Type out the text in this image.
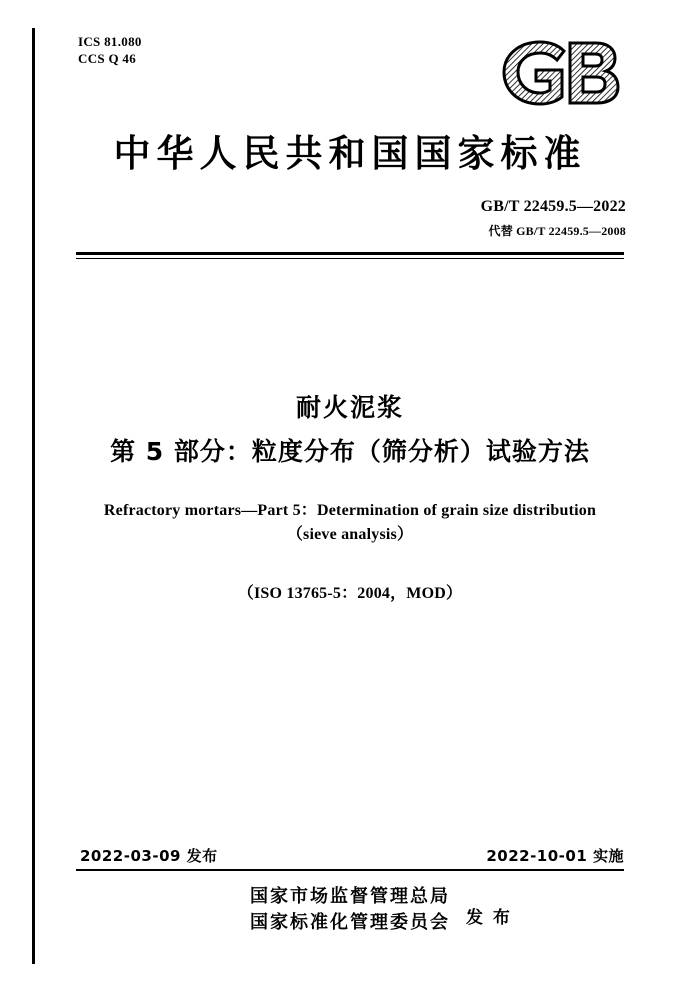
ICS 81.080
CCS Q 46
中华人民共和国国家标准
GB/T 22459.5—2022
代替 GB/T 22459.5—2008
耐火泥浆
第 5 部分：粒度分布（筛分析）试验方法
Refractory mortars—Part 5：Determination of grain size distribution
（sieve analysis）
（ISO 13765-5：2004，MOD）
2022-03-09 发布	2022-10-01 实施
国家市场监督管理总局
国家标准化管理委员会 发 布
